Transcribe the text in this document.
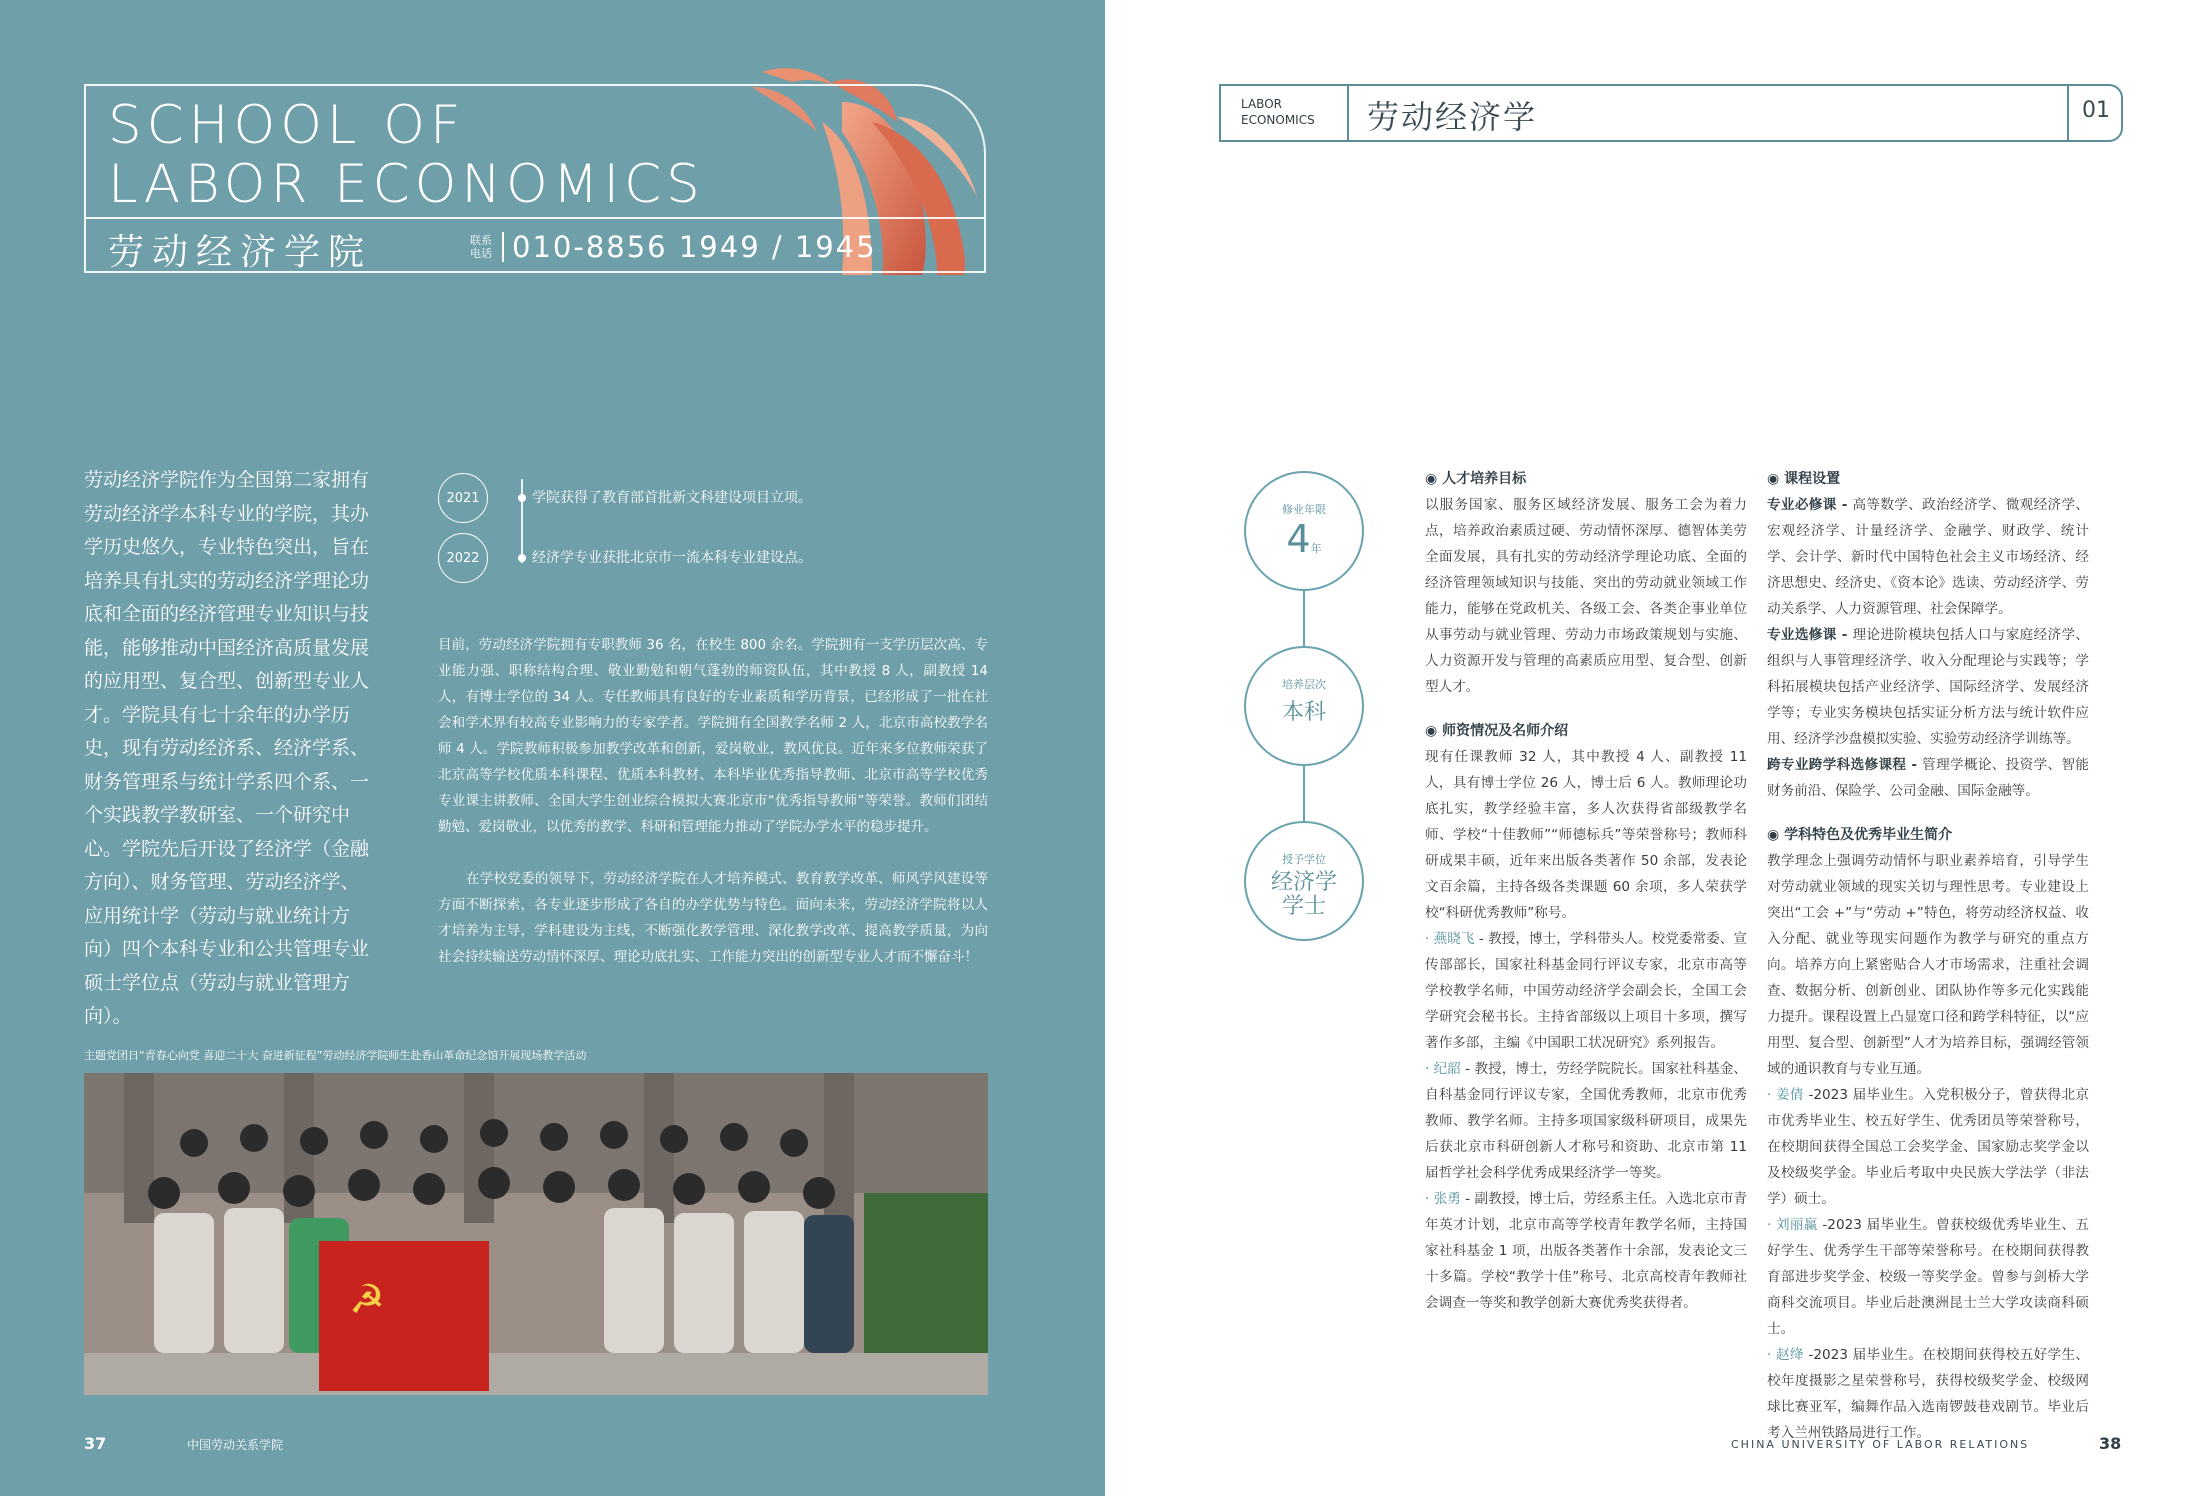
SCHOOL OF
LABOR ECONOMICS
劳动经济学院	联系
电话 010-8856 1949 / 1945
劳动经济学院作为全国第二家拥有劳动经济学本科专业的学院，其办学历史悠久，专业特色突出，旨在培养具有扎实的劳动经济学理论功底和全面的经济管理专业知识与技能，能够推动中国经济高质量发展的应用型、复合型、创新型专业人才。学院具有七十余年的办学历史，现有劳动经济系、经济学系、财务管理系与统计学系四个系、一个实践教学教研室、一个研究中心。学院先后开设了经济学（金融方向）、财务管理、劳动经济学、应用统计学（劳动与就业统计方向）四个本科专业和公共管理专业硕士学位点（劳动与就业管理方向）。
2021	学院获得了教育部首批新文科建设项目立项。
2022	经济学专业获批北京市一流本科专业建设点。
目前，劳动经济学院拥有专职教师 36 名，在校生 800 余名。学院拥有一支学历层次高、专业能力强、职称结构合理、敬业勤勉和朝气蓬勃的师资队伍，其中教授 8 人，副教授 14 人，有博士学位的 34 人。专任教师具有良好的专业素质和学历背景，已经形成了一批在社会和学术界有较高专业影响力的专家学者。学院拥有全国教学名师 2 人，北京市高校教学名师 4 人。学院教师积极参加教学改革和创新，爱岗敬业，教风优良。近年来多位教师荣获了北京高等学校优质本科课程、优质本科教材、本科毕业优秀指导教师、北京市高等学校优秀专业课主讲教师、全国大学生创业综合模拟大赛北京市“优秀指导教师”等荣誉。教师们团结勤勉、爱岗敬业，以优秀的教学、科研和管理能力推动了学院办学水平的稳步提升。
在学校党委的领导下，劳动经济学院在人才培养模式、教育教学改革、师风学风建设等方面不断探索，各专业逐步形成了各自的办学优势与特色。面向未来，劳动经济学院将以人才培养为主导，学科建设为主线，不断强化教学管理、深化教学改革、提高教学质量，为向社会持续输送劳动情怀深厚、理论功底扎实、工作能力突出的创新型专业人才而不懈奋斗！
主题党团日“青春心向党 喜迎二十大 奋进新征程”劳动经济学院师生赴香山革命纪念馆开展现场教学活动
☭
37	中国劳动关系学院
LABOR
ECONOMICS 劳动经济学	01
修业年限
4年
培养层次
本科
授予学位
经济学
学士
◉ 人才培养目标

以服务国家、服务区域经济发展、服务工会为着力点，培养政治素质过硬、劳动情怀深厚、德智体美劳全面发展，具有扎实的劳动经济学理论功底、全面的经济管理领域知识与技能、突出的劳动就业领域工作能力，能够在党政机关、各级工会、各类企事业单位从事劳动与就业管理、劳动力市场政策规划与实施、人力资源开发与管理的高素质应用型、复合型、创新型人才。

◉ 师资情况及名师介绍

现有任课教师 32 人，其中教授 4 人、副教授 11 人，具有博士学位 26 人，博士后 6 人。教师理论功底扎实，教学经验丰富，多人次获得省部级教学名师、学校“十佳教师”“师德标兵”等荣誉称号；教师科研成果丰硕，近年来出版各类著作 50 余部，发表论文百余篇，主持各级各类课题 60 余项，多人荣获学校“科研优秀教师”称号。

· 燕晓飞 - 教授，博士，学科带头人。校党委常委、宣传部部长，国家社科基金同行评议专家，北京市高等学校教学名师，中国劳动经济学会副会长，全国工会学研究会秘书长。主持省部级以上项目十多项，撰写著作多部，主编《中国职工状况研究》系列报告。

· 纪韶 - 教授，博士，劳经学院院长。国家社科基金、自科基金同行评议专家，全国优秀教师，北京市优秀教师、教学名师。主持多项国家级科研项目，成果先后获北京市科研创新人才称号和资助、北京市第 11 届哲学社会科学优秀成果经济学一等奖。

· 张勇 - 副教授，博士后，劳经系主任。入选北京市青年英才计划，北京市高等学校青年教学名师，主持国家社科基金 1 项，出版各类著作十余部，发表论文三十多篇。学校“教学十佳”称号、北京高校青年教师社会调查一等奖和教学创新大赛优秀奖获得者。

◉ 课程设置

专业必修课 - 高等数学、政治经济学、微观经济学、宏观经济学、计量经济学、金融学、财政学、统计学、会计学、新时代中国特色社会主义市场经济、经济思想史、经济史、《资本论》选读、劳动经济学、劳动关系学、人力资源管理、社会保障学。

专业选修课 - 理论进阶模块包括人口与家庭经济学、组织与人事管理经济学、收入分配理论与实践等；学科拓展模块包括产业经济学、国际经济学、发展经济学等；专业实务模块包括实证分析方法与统计软件应用、经济学沙盘模拟实验、实验劳动经济学训练等。

跨专业跨学科选修课程 - 管理学概论、投资学、智能财务前沿、保险学、公司金融、国际金融等。

◉ 学科特色及优秀毕业生简介

教学理念上强调劳动情怀与职业素养培育，引导学生对劳动就业领域的现实关切与理性思考。专业建设上突出“工会 +”与“劳动 +”特色，将劳动经济权益、收入分配、就业等现实问题作为教学与研究的重点方向。培养方向上紧密贴合人才市场需求，注重社会调查、数据分析、创新创业、团队协作等多元化实践能力提升。课程设置上凸显宽口径和跨学科特征，以“应用型、复合型、创新型”人才为培养目标，强调经管领域的通识教育与专业互通。

· 姜倩 -2023 届毕业生。入党积极分子，曾获得北京市优秀毕业生、校五好学生、优秀团员等荣誉称号，在校期间获得全国总工会奖学金、国家励志奖学金以及校级奖学金。毕业后考取中央民族大学法学（非法学）硕士。

· 刘丽赢 -2023 届毕业生。曾获校级优秀毕业生、五好学生、优秀学生干部等荣誉称号。在校期间获得教育部进步奖学金、校级一等奖学金。曾参与剑桥大学商科交流项目。毕业后赴澳洲昆士兰大学攻读商科硕士。

· 赵绛 -2023 届毕业生。在校期间获得校五好学生、校年度摄影之星荣誉称号，获得校级奖学金、校级网球比赛亚军，编舞作品入选南锣鼓巷戏剧节。毕业后考入兰州铁路局进行工作。

CHINA UNIVERSITY OF LABOR RELATIONS	38
